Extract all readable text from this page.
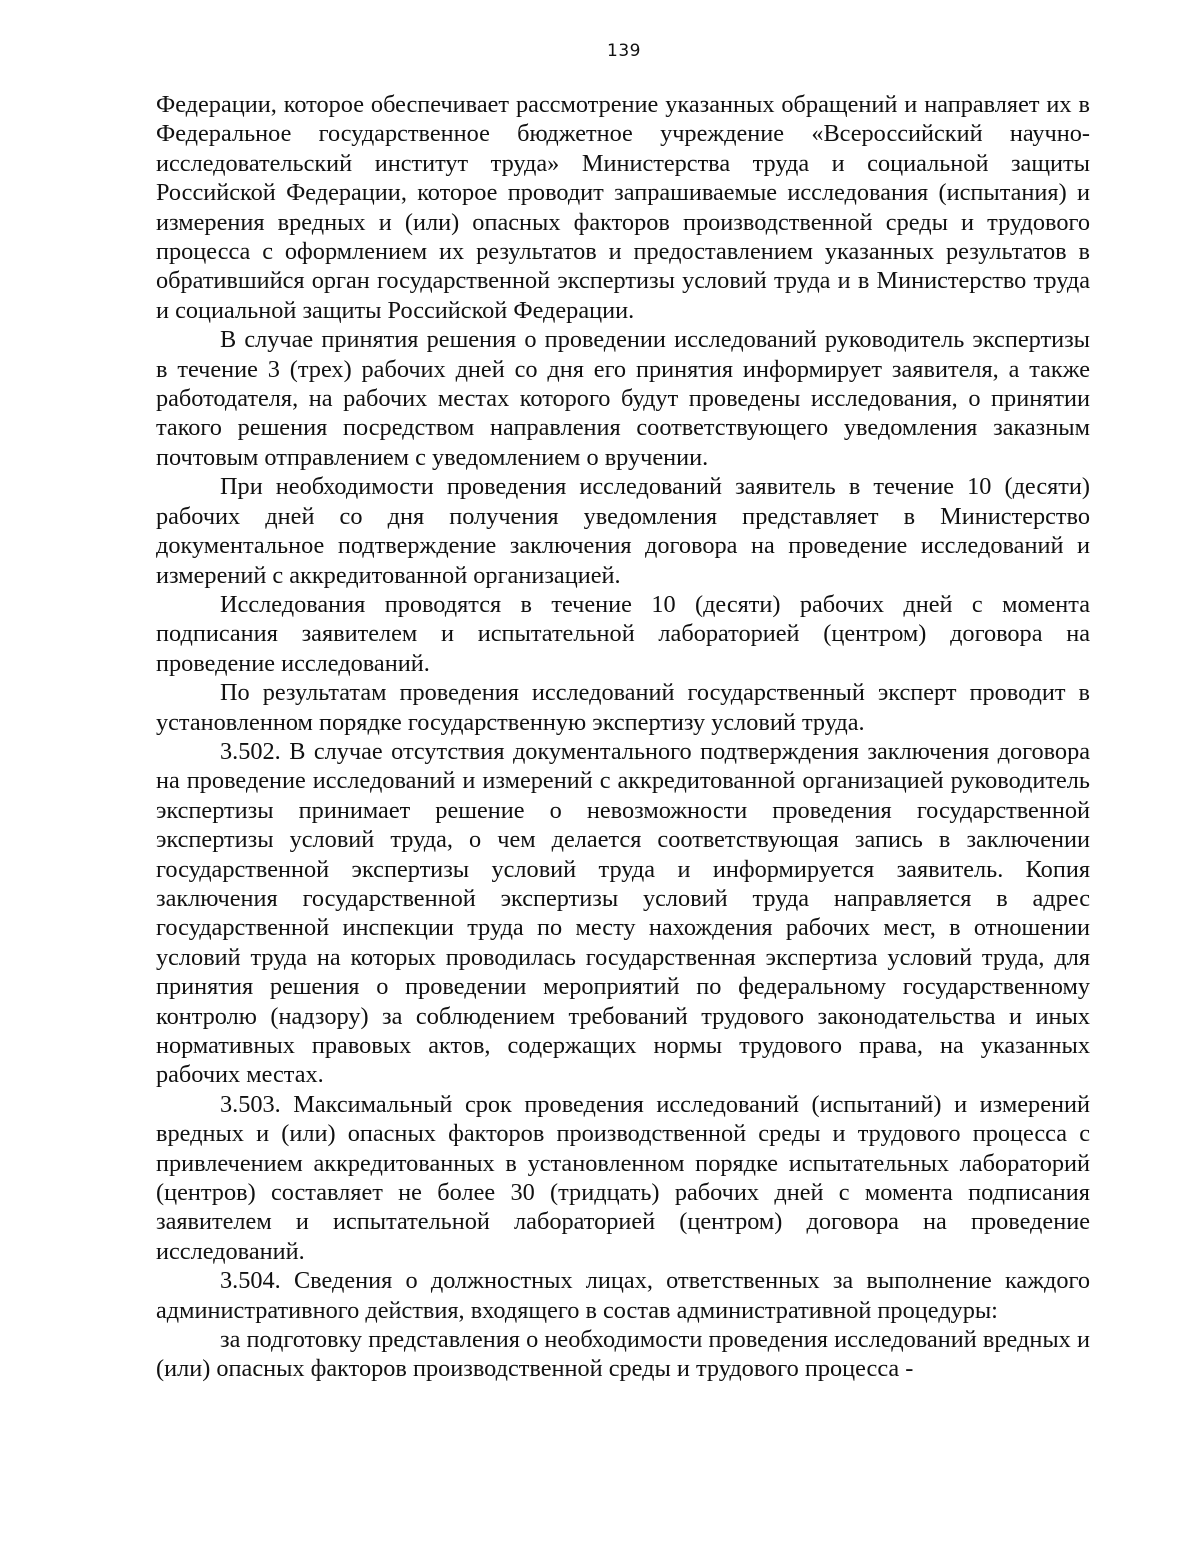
139

Федерации, которое обеспечивает рассмотрение указанных обращений и направляет их в Федеральное государственное бюджетное учреждение «Всероссийский научно-исследовательский институт труда» Министерства труда и социальной защиты Российской Федерации, которое проводит запрашиваемые исследования (испытания) и измерения вредных и (или) опасных факторов производственной среды и трудового процесса с оформлением их результатов и предоставлением указанных результатов в обратившийся орган государственной экспертизы условий труда и в Министерство труда и социальной защиты Российской Федерации.

В случае принятия решения о проведении исследований руководитель экспертизы в течение 3 (трех) рабочих дней со дня его принятия информирует заявителя, а также работодателя, на рабочих местах которого будут проведены исследования, о принятии такого решения посредством направления соответствующего уведомления заказным почтовым отправлением с уведомлением о вручении.

При необходимости проведения исследований заявитель в течение 10 (десяти) рабочих дней со дня получения уведомления представляет в Министерство документальное подтверждение заключения договора на проведение исследований и измерений с аккредитованной организацией.

Исследования проводятся в течение 10 (десяти) рабочих дней с момента подписания заявителем и испытательной лабораторией (центром) договора на проведение исследований.

По результатам проведения исследований государственный эксперт проводит в установленном порядке государственную экспертизу условий труда.

3.502. В случае отсутствия документального подтверждения заключения договора на проведение исследований и измерений с аккредитованной организацией руководитель экспертизы принимает решение о невозможности проведения государственной экспертизы условий труда, о чем делается соответствующая запись в заключении государственной экспертизы условий труда и информируется заявитель. Копия заключения государственной экспертизы условий труда направляется в адрес государственной инспекции труда по месту нахождения рабочих мест, в отношении условий труда на которых проводилась государственная экспертиза условий труда, для принятия решения о проведении мероприятий по федеральному государственному контролю (надзору) за соблюдением требований трудового законодательства и иных нормативных правовых актов, содержащих нормы трудового права, на указанных рабочих местах.

3.503. Максимальный срок проведения исследований (испытаний) и измерений вредных и (или) опасных факторов производственной среды и трудового процесса с привлечением аккредитованных в установленном порядке испытательных лабораторий (центров) составляет не более 30 (тридцать) рабочих дней с момента подписания заявителем и испытательной лабораторией (центром) договора на проведение исследований.

3.504. Сведения о должностных лицах, ответственных за выполнение каждого административного действия, входящего в состав административной процедуры:

за подготовку представления о необходимости проведения исследований вредных и (или) опасных факторов производственной среды и трудового процесса -
